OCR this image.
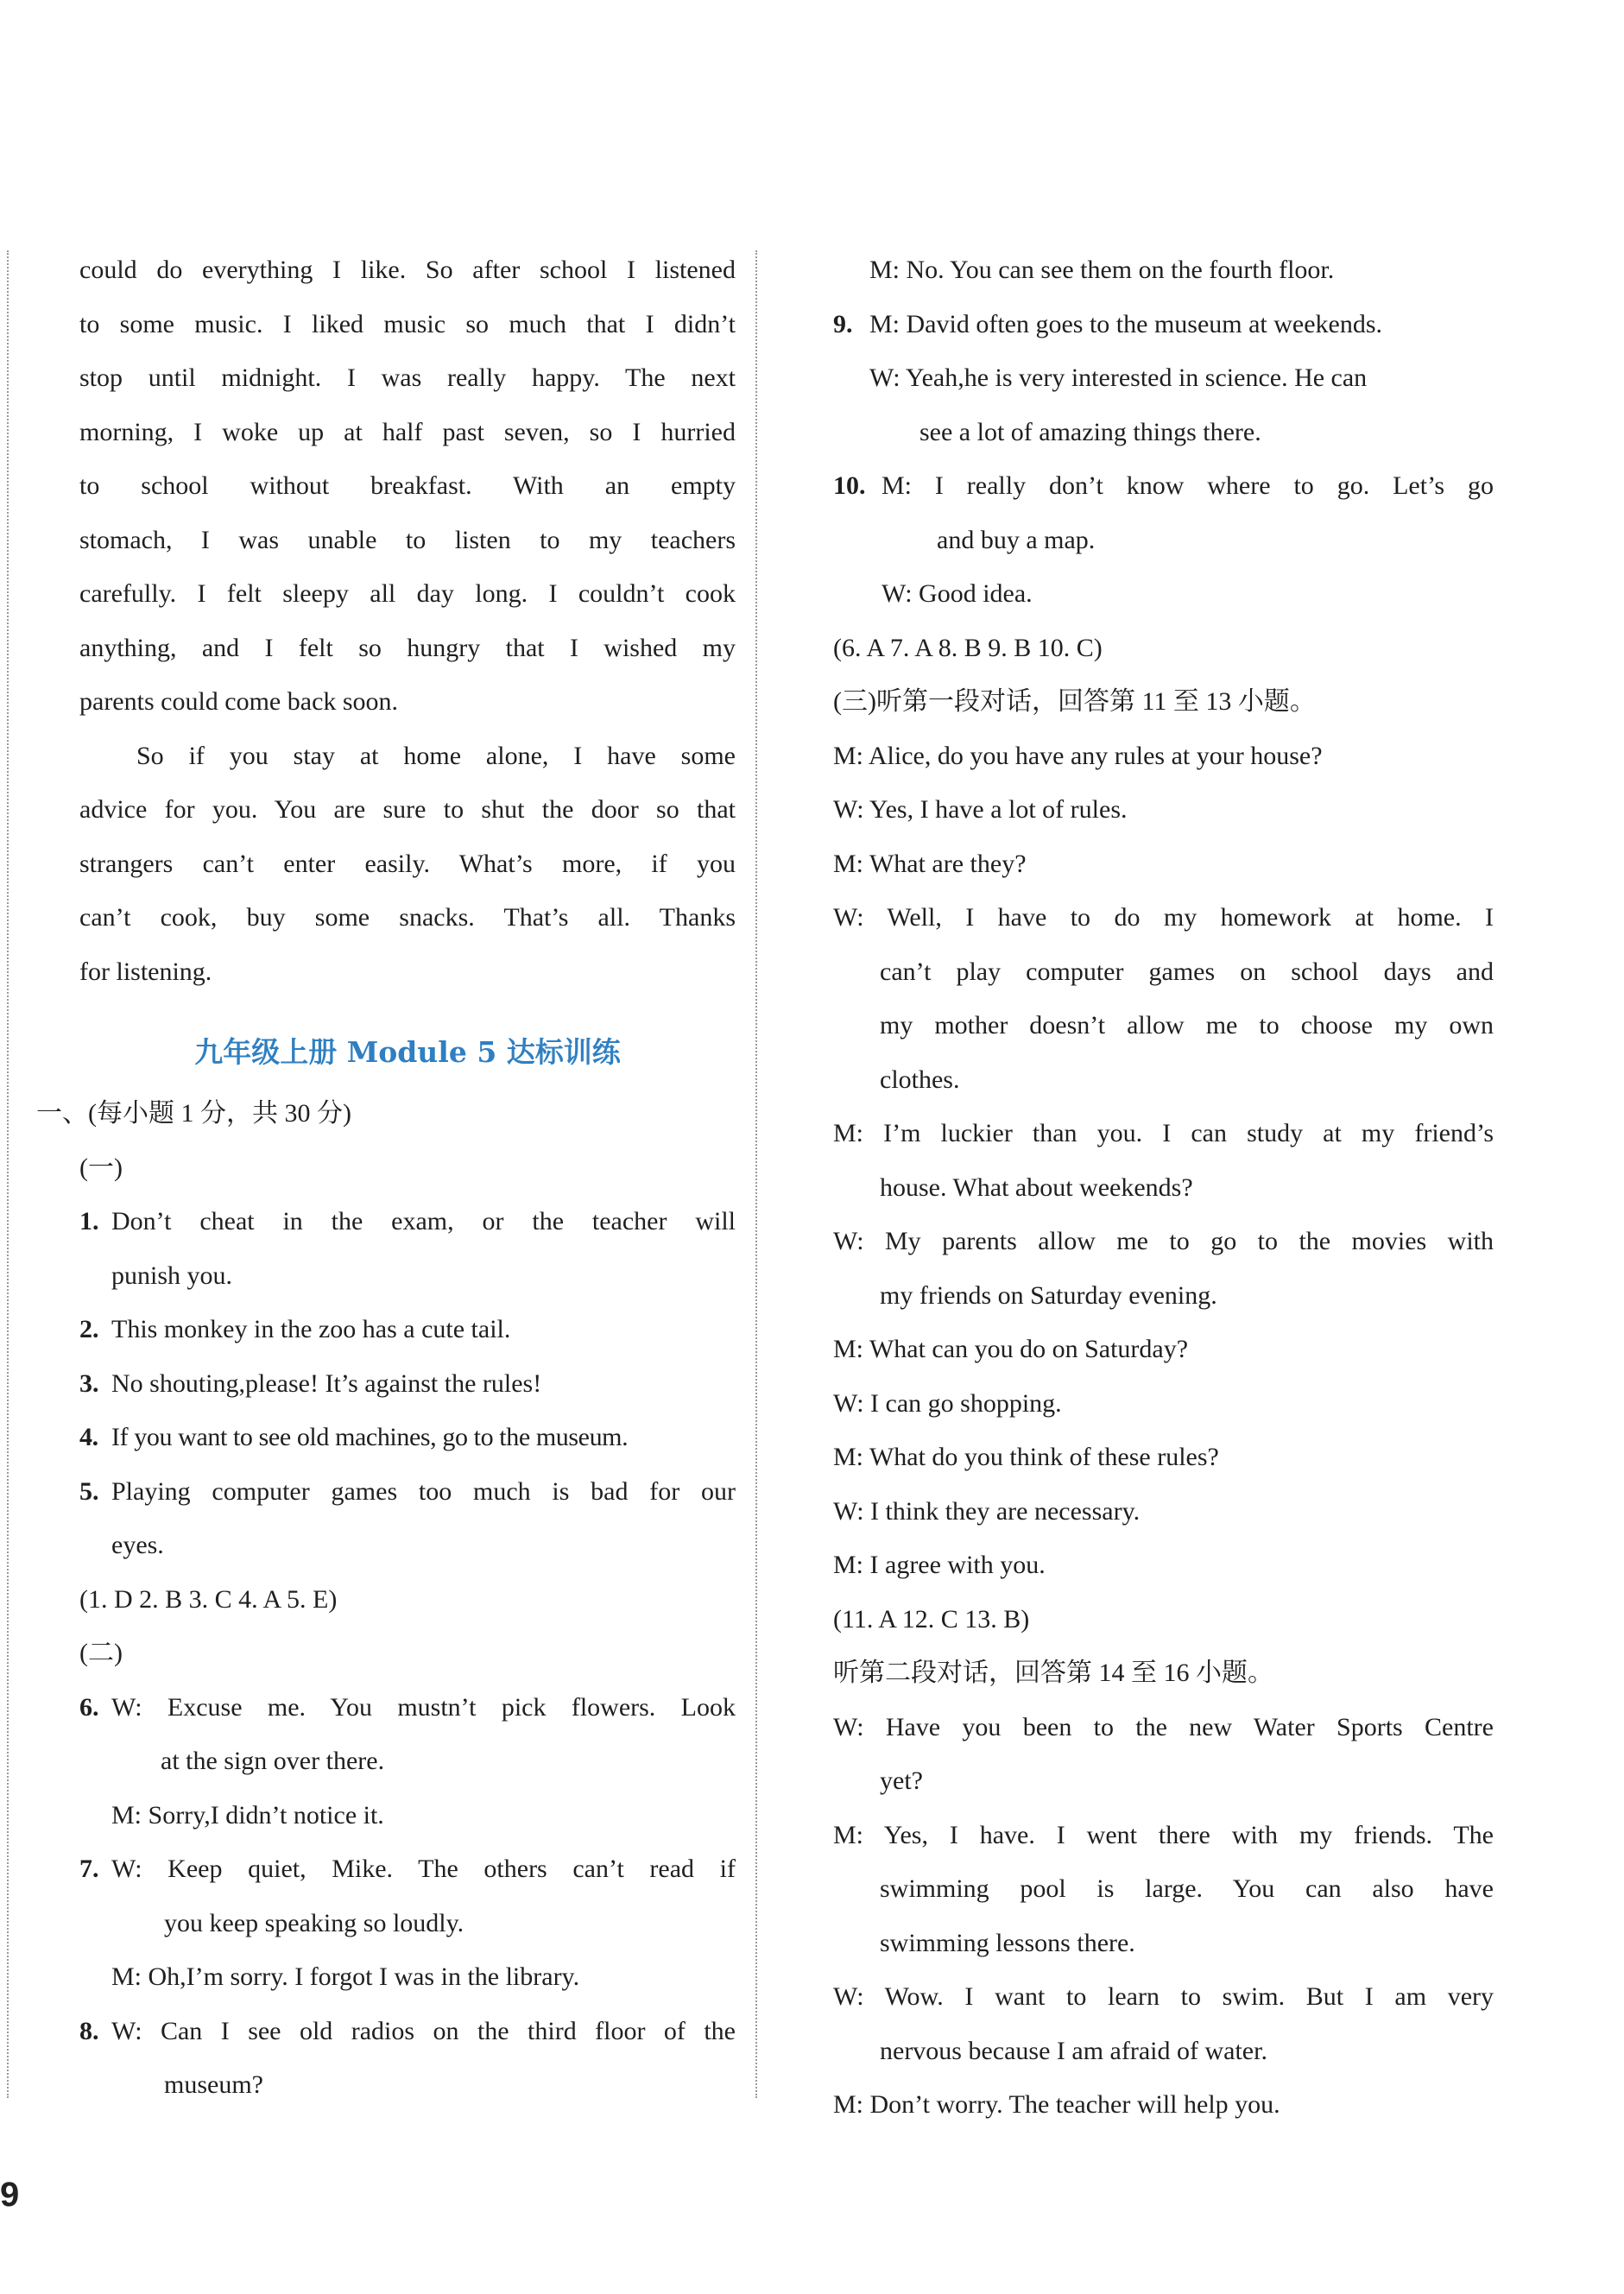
could do everything I like. So after school I listened
to some music. I liked music so much that I didn’t
stop until midnight. I was really happy. The next
morning, I woke up at half past seven, so I hurried
to school without breakfast. With an empty
stomach, I was unable to listen to my teachers
carefully. I felt sleepy all day long. I couldn’t cook
anything, and I felt so hungry that I wished my
parents could come back soon.
So if you stay at home alone, I have some
advice for you. You are sure to shut the door so that
strangers can’t enter easily. What’s more, if you
can’t cook, buy some snacks. That’s all. Thanks
for listening.
九年级上册 Module 5 达标训练
一、(每小题 1 分，共 30 分)
(一)
1. Don’t cheat in the exam, or the teacher will
punish you.
2. This monkey in the zoo has a cute tail.
3. No shouting,please! It’s against the rules!
4. If you want to see old machines, go to the museum.
5. Playing computer games too much is bad for our
eyes.
(1. D 2. B 3. C 4. A 5. E)
(二)
6. W: Excuse me. You mustn’t pick flowers. Look
at the sign over there.
M: Sorry,I didn’t notice it.
7. W: Keep quiet, Mike. The others can’t read if
you keep speaking so loudly.
M: Oh,I’m sorry. I forgot I was in the library.
8. W: Can I see old radios on the third floor of the
museum?
M: No. You can see them on the fourth floor.
9. M: David often goes to the museum at weekends.
W: Yeah,he is very interested in science. He can
see a lot of amazing things there.
10. M: I really don’t know where to go. Let’s go
and buy a map.
W: Good idea.
(6. A 7. A 8. B 9. B 10. C)
(三)听第一段对话，回答第 11 至 13 小题。
M: Alice, do you have any rules at your house?
W: Yes, I have a lot of rules.
M: What are they?
W: Well, I have to do my homework at home. I
can’t play computer games on school days and
my mother doesn’t allow me to choose my own
clothes.
M: I’m luckier than you. I can study at my friend’s
house. What about weekends?
W: My parents allow me to go to the movies with
my friends on Saturday evening.
M: What can you do on Saturday?
W: I can go shopping.
M: What do you think of these rules?
W: I think they are necessary.
M: I agree with you.
(11. A 12. C 13. B)
听第二段对话，回答第 14 至 16 小题。
W: Have you been to the new Water Sports Centre
yet?
M: Yes, I have. I went there with my friends. The
swimming pool is large. You can also have
swimming lessons there.
W: Wow. I want to learn to swim. But I am very
nervous because I am afraid of water.
M: Don’t worry. The teacher will help you.
9
